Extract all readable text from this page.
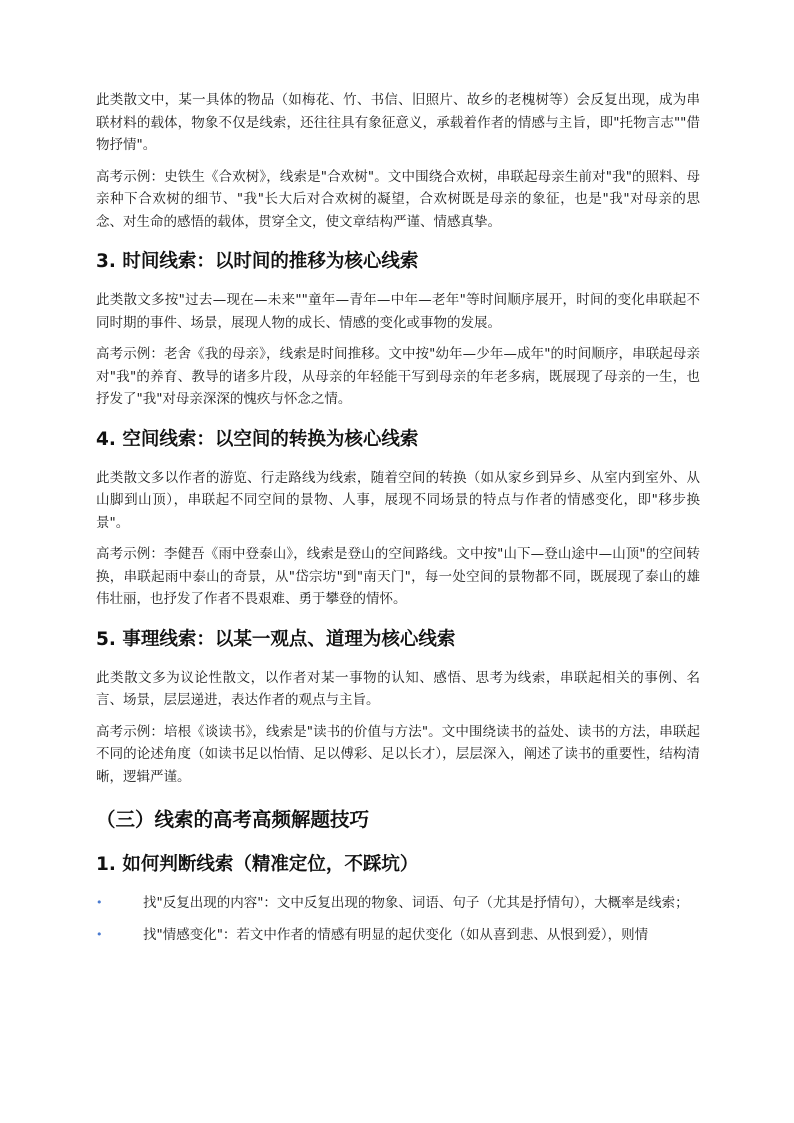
此类散文中，某一具体的物品（如梅花、竹、书信、旧照片、故乡的老槐树等）会反复出现，成为串联材料的载体，物象不仅是线索，还往往具有象征意义，承载着作者的情感与主旨，即"托物言志""借物抒情"。

高考示例：史铁生《合欢树》，线索是"合欢树"。文中围绕合欢树，串联起母亲生前对"我"的照料、母亲种下合欢树的细节、"我"长大后对合欢树的凝望，合欢树既是母亲的象征，也是"我"对母亲的思念、对生命的感悟的载体，贯穿全文，使文章结构严谨、情感真挚。

3. 时间线索：以时间的推移为核心线索

此类散文多按"过去—现在—未来""童年—青年—中年—老年"等时间顺序展开，时间的变化串联起不同时期的事件、场景，展现人物的成长、情感的变化或事物的发展。

高考示例：老舍《我的母亲》，线索是时间推移。文中按"幼年—少年—成年"的时间顺序，串联起母亲对"我"的养育、教导的诸多片段，从母亲的年轻能干写到母亲的年老多病，既展现了母亲的一生，也抒发了"我"对母亲深深的愧疚与怀念之情。

4. 空间线索：以空间的转换为核心线索

此类散文多以作者的游览、行走路线为线索，随着空间的转换（如从家乡到异乡、从室内到室外、从山脚到山顶），串联起不同空间的景物、人事，展现不同场景的特点与作者的情感变化，即"移步换景"。

高考示例：李健吾《雨中登泰山》，线索是登山的空间路线。文中按"山下—登山途中—山顶"的空间转换，串联起雨中泰山的奇景，从"岱宗坊"到"南天门"，每一处空间的景物都不同，既展现了泰山的雄伟壮丽，也抒发了作者不畏艰难、勇于攀登的情怀。

5. 事理线索：以某一观点、道理为核心线索

此类散文多为议论性散文，以作者对某一事物的认知、感悟、思考为线索，串联起相关的事例、名言、场景，层层递进，表达作者的观点与主旨。

高考示例：培根《谈读书》，线索是"读书的价值与方法"。文中围绕读书的益处、读书的方法，串联起不同的论述角度（如读书足以怡情、足以傅彩、足以长才），层层深入，阐述了读书的重要性，结构清晰，逻辑严谨。

（三）线索的高考高频解题技巧
1. 如何判断线索（精准定位，不踩坑）
•	找"反复出现的内容"：文中反复出现的物象、词语、句子（尤其是抒情句），大概率是线索；
•	找"情感变化"：若文中作者的情感有明显的起伏变化（如从喜到悲、从恨到爱），则情
